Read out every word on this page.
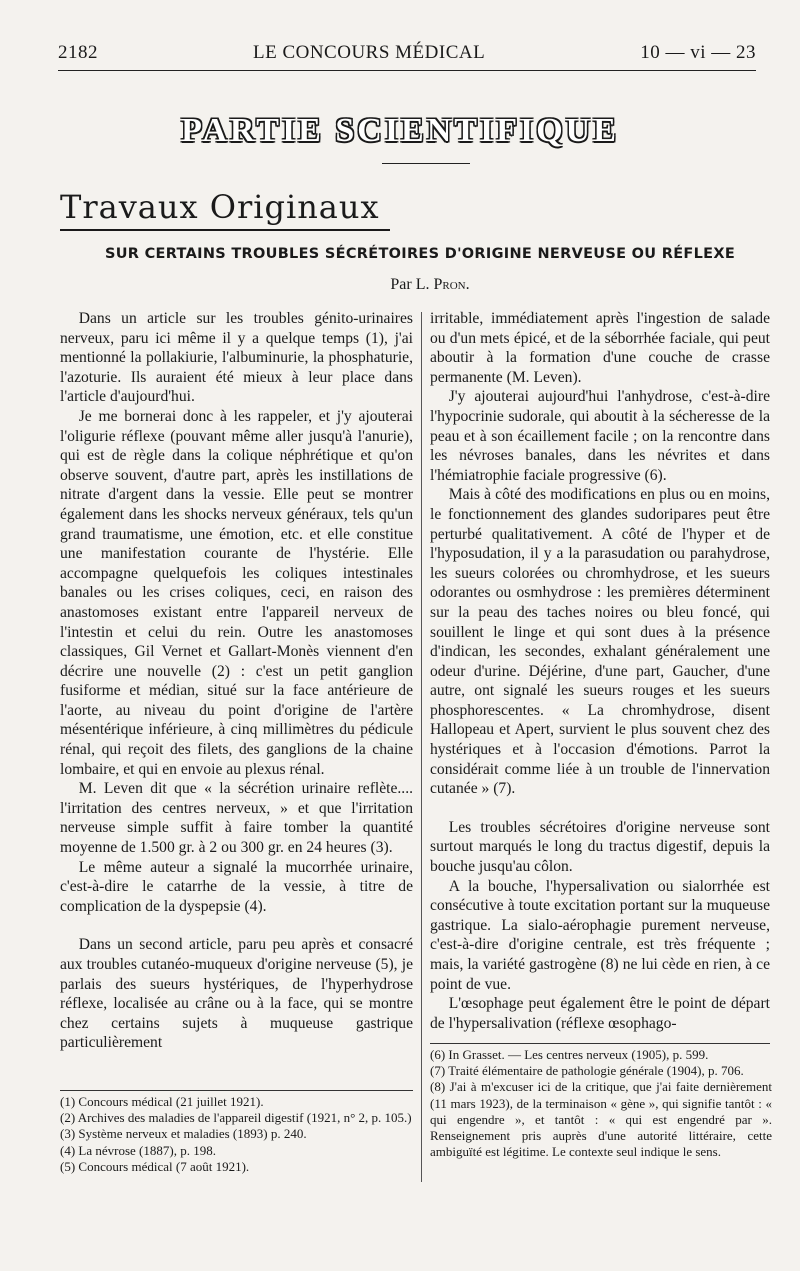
2182	LE CONCOURS MÉDICAL	10 — vi — 23
PARTIE SCIENTIFIQUE
Travaux Originaux
SUR CERTAINS TROUBLES SÉCRÉTOIRES D'ORIGINE NERVEUSE OU RÉFLEXE
Par L. Pron.

Dans un article sur les troubles génito-urinaires nerveux, paru ici même il y a quelque temps (1), j'ai mentionné la pollakiurie, l'albuminurie, la phosphaturie, l'azoturie. Ils auraient été mieux à leur place dans l'article d'aujourd'hui.

Je me bornerai donc à les rappeler, et j'y ajouterai l'oligurie réflexe (pouvant même aller jusqu'à l'anurie), qui est de règle dans la colique néphrétique et qu'on observe souvent, d'autre part, après les instillations de nitrate d'argent dans la vessie. Elle peut se montrer également dans les shocks nerveux généraux, tels qu'un grand traumatisme, une émotion, etc. et elle constitue une manifestation courante de l'hystérie. Elle accompagne quelquefois les coliques intestinales banales ou les crises coliques, ceci, en raison des anastomoses existant entre l'appareil nerveux de l'intestin et celui du rein. Outre les anastomoses classiques, Gil Vernet et Gallart-Monès viennent d'en décrire une nouvelle (2) : c'est un petit ganglion fusiforme et médian, situé sur la face antérieure de l'aorte, au niveau du point d'origine de l'artère mésentérique inférieure, à cinq millimètres du pédicule rénal, qui reçoit des filets, des ganglions de la chaine lombaire, et qui en envoie au plexus rénal.

M. Leven dit que « la sécrétion urinaire reflète.... l'irritation des centres nerveux, » et que l'irritation nerveuse simple suffit à faire tomber la quantité moyenne de 1.500 gr. à 2 ou 300 gr. en 24 heures (3).

Le même auteur a signalé la mucorrhée urinaire, c'est-à-dire le catarrhe de la vessie, à titre de complication de la dyspepsie (4).

Dans un second article, paru peu après et consacré aux troubles cutanéo-muqueux d'origine nerveuse (5), je parlais des sueurs hystériques, de l'hyperhydrose réflexe, localisée au crâne ou à la face, qui se montre chez certains sujets à muqueuse gastrique particulièrement

irritable, immédiatement après l'ingestion de salade ou d'un mets épicé, et de la séborrhée faciale, qui peut aboutir à la formation d'une couche de crasse permanente (M. Leven).

J'y ajouterai aujourd'hui l'anhydrose, c'est-à-dire l'hypocrinie sudorale, qui aboutit à la sécheresse de la peau et à son écaillement facile ; on la rencontre dans les névroses banales, dans les névrites et dans l'hémiatrophie faciale progressive (6).

Mais à côté des modifications en plus ou en moins, le fonctionnement des glandes sudoripares peut être perturbé qualitativement. A côté de l'hyper et de l'hyposudation, il y a la parasudation ou parahydrose, les sueurs colorées ou chromhydrose, et les sueurs odorantes ou osmhydrose : les premières déterminent sur la peau des taches noires ou bleu foncé, qui souillent le linge et qui sont dues à la présence d'indican, les secondes, exhalant généralement une odeur d'urine. Déjérine, d'une part, Gaucher, d'une autre, ont signalé les sueurs rouges et les sueurs phosphorescentes. « La chromhydrose, disent Hallopeau et Apert, survient le plus souvent chez des hystériques et à l'occasion d'émotions. Parrot la considérait comme liée à un trouble de l'innervation cutanée » (7).

Les troubles sécrétoires d'origine nerveuse sont surtout marqués le long du tractus digestif, depuis la bouche jusqu'au côlon.

A la bouche, l'hypersalivation ou sialorrhée est consécutive à toute excitation portant sur la muqueuse gastrique. La sialo-aérophagie purement nerveuse, c'est-à-dire d'origine centrale, est très fréquente ; mais, la variété gastrogène (8) ne lui cède en rien, à ce point de vue.

L'œsophage peut également être le point de départ de l'hypersalivation (réflexe œsophago-

(1) Concours médical (21 juillet 1921).
(2) Archives des maladies de l'appareil digestif (1921, n° 2, p. 105.)
(3) Système nerveux et maladies (1893) p. 240.
(4) La névrose (1887), p. 198.
(5) Concours médical (7 août 1921).
(6) In Grasset. — Les centres nerveux (1905), p. 599.
(7) Traité élémentaire de pathologie générale (1904), p. 706.
(8) J'ai à m'excuser ici de la critique, que j'ai faite dernièrement (11 mars 1923), de la terminaison « gène », qui signifie tantôt : « qui engendre », et tantôt : « qui est engendré par ». Renseignement pris auprès d'une autorité littéraire, cette ambiguïté est légitime. Le contexte seul indique le sens.
